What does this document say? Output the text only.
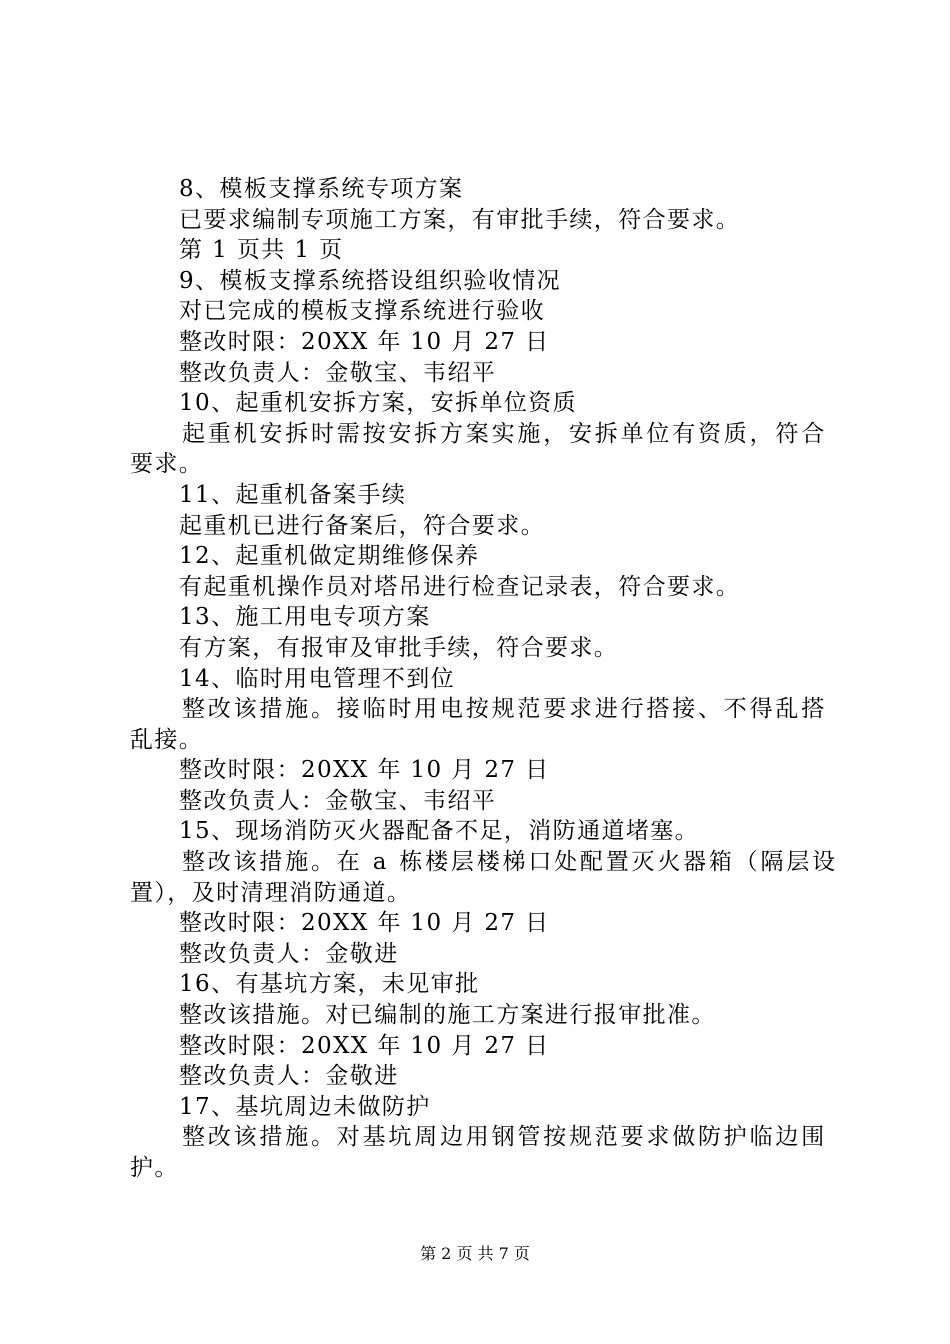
8、模板支撑系统专项方案
已要求编制专项施工方案，有审批手续，符合要求。
第 1 页共 1 页
9、模板支撑系统搭设组织验收情况
对已完成的模板支撑系统进行验收
整改时限：20XX 年 10 月 27 日
整改负责人：金敬宝、韦绍平
10、起重机安拆方案，安拆单位资质
起重机安拆时需按安拆方案实施，安拆单位有资质，符合
要求。
11、起重机备案手续
起重机已进行备案后，符合要求。
12、起重机做定期维修保养
有起重机操作员对塔吊进行检查记录表，符合要求。
13、施工用电专项方案
有方案，有报审及审批手续，符合要求。
14、临时用电管理不到位
整改该措施。接临时用电按规范要求进行搭接、不得乱搭
乱接。
整改时限：20XX 年 10 月 27 日
整改负责人：金敬宝、韦绍平
15、现场消防灭火器配备不足，消防通道堵塞。
整改该措施。在 a 栋楼层楼梯口处配置灭火器箱（隔层设
置），及时清理消防通道。
整改时限：20XX 年 10 月 27 日
整改负责人：金敬进
16、有基坑方案，未见审批
整改该措施。对已编制的施工方案进行报审批准。
整改时限：20XX 年 10 月 27 日
整改负责人：金敬进
17、基坑周边未做防护
整改该措施。对基坑周边用钢管按规范要求做防护临边围
护。
第 2 页 共 7 页
